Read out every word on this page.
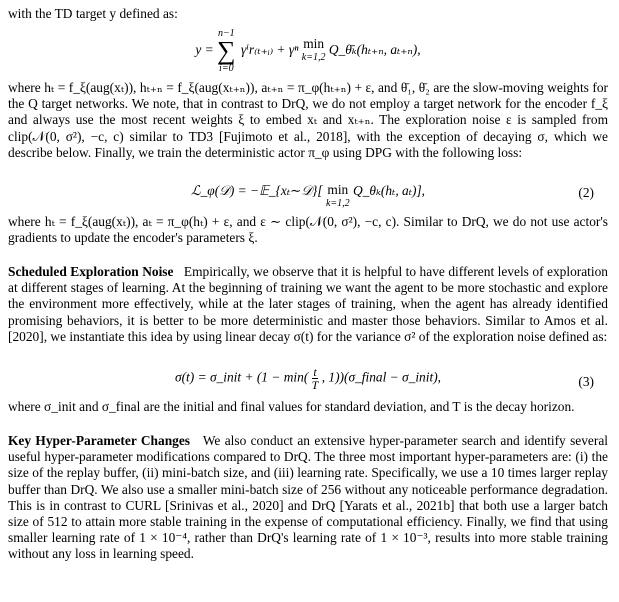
with the TD target y defined as:

y =
n−1
∑
i=0
γⁱr₍ₜ₊ᵢ₎ + γⁿ min
k=1,2
Q_θ̄ₖ(hₜ₊ₙ, aₜ₊ₙ),

where hₜ = f_ξ(aug(xₜ)), hₜ₊ₙ = f_ξ(aug(xₜ₊ₙ)), aₜ₊ₙ = π_φ(hₜ₊ₙ) + ε, and θ̄₁, θ̄₂ are the slow-moving weights for the Q target networks. We note, that in contrast to DrQ, we do not employ a target network for the encoder f_ξ and always use the most recent weights ξ to embed xₜ and xₜ₊ₙ. The exploration noise ε is sampled from clip(𝒩(0, σ²), −c, c) similar to TD3 [Fujimoto et al., 2018], with the exception of decaying σ, which we describe below. Finally, we train the deterministic actor π_φ using DPG with the following loss:

ℒ_φ(𝒟) = −𝔼_{xₜ∼𝒟}[ min
k=1,2
Q_θₖ(hₜ, aₜ)],	(2)

where hₜ = f_ξ(aug(xₜ)), aₜ = π_φ(hₜ) + ε, and ε ∼ clip(𝒩(0, σ²), −c, c). Similar to DrQ, we do not use actor's gradients to update the encoder's parameters ξ.

Scheduled Exploration Noise Empirically, we observe that it is helpful to have different levels of exploration at different stages of learning. At the beginning of training we want the agent to be more stochastic and explore the environment more effectively, while at the later stages of training, when the agent has already identified promising behaviors, it is better to be more deterministic and master those behaviors. Similar to Amos et al. [2020], we instantiate this idea by using linear decay σ(t) for the variance σ² of the exploration noise defined as:

σ(t) = σ_init + ($1 - \min( \frac{t}{T}$ , 1))(σ_final − σ_init),	(3)

where σ_init and σ_final are the initial and final values for standard deviation, and T is the decay horizon.

Key Hyper-Parameter Changes We also conduct an extensive hyper-parameter search and identify several useful hyper-parameter modifications compared to DrQ. The three most important hyper-parameters are: (i) the size of the replay buffer, (ii) mini-batch size, and (iii) learning rate. Specifically, we use a 10 times larger replay buffer than DrQ. We also use a smaller mini-batch size of 256 without any noticeable performance degradation. This is in contrast to CURL [Srinivas et al., 2020] and DrQ [Yarats et al., 2021b] that both use a larger batch size of 512 to attain more stable training in the expense of computational efficiency. Finally, we find that using smaller learning rate of 1 × 10⁻⁴, rather than DrQ's learning rate of 1 × 10⁻³, results into more stable training without any loss in learning speed.
